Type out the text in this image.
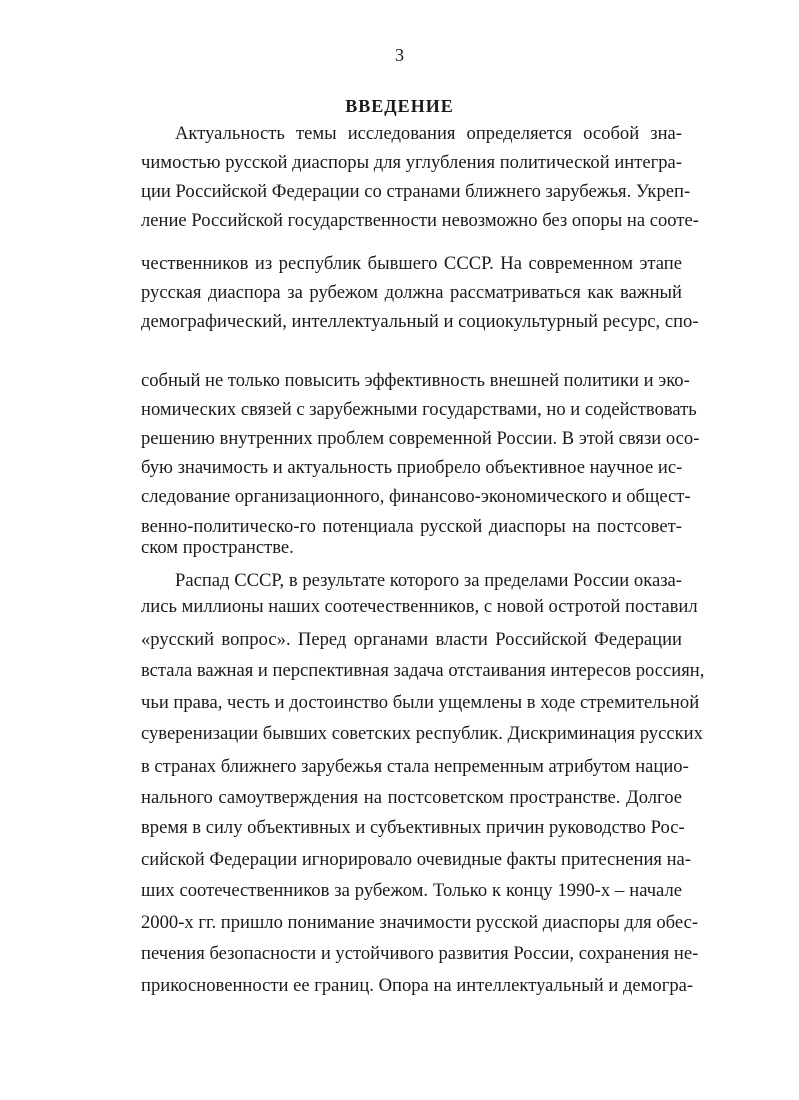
3
ВВЕДЕНИЕ
Актуальность темы исследования определяется особой зна-
чимостью русской диаспоры для углубления политической интегра-
ции Российской Федерации со странами ближнего зарубежья. Укреп-
ление Российской государственности невозможно без опоры на соотe-
чественников из республик бывшего СССР. На современном этапе
русская диаспора за рубежом должна рассматриваться как важный
демографический, интеллектуальный и социокультурный ресурс, спо-
собный не только повысить эффективность внешней политики и эко-
номических связей с зарубежными государствами, но и содействовать
решению внутренних проблем современной России. В этой связи осо-
бую значимость и актуальность приобрело объективное научное ис-
следование организационного, финансово-экономического и общест-
венно-политическо-го потенциала русской диаспоры на постсовет-
ском пространстве.
Распад СССР, в результате которого за пределами России оказа-
лись миллионы наших соотечественников, с новой остротой поставил
«русский вопрос». Перед органами власти Российской Федерации
встала важная и перспективная задача отстаивания интересов россиян,
чьи права, честь и достоинство были ущемлены в ходе стремительной
суверенизации бывших советских республик. Дискриминация русских
в странах ближнего зарубежья стала непременным атрибутом нацио-
нального самоутверждения на постсоветском пространстве. Долгое
время в силу объективных и субъективных причин руководство Рос-
сийской Федерации игнорировало очевидные факты притеснения на-
ших соотечественников за рубежом. Только к концу 1990-х – начале
2000-х гг. пришло понимание значимости русской диаспоры для обес-
печения безопасности и устойчивого развития России, сохранения не-
прикосновенности ее границ. Опора на интеллектуальный и демогра-
